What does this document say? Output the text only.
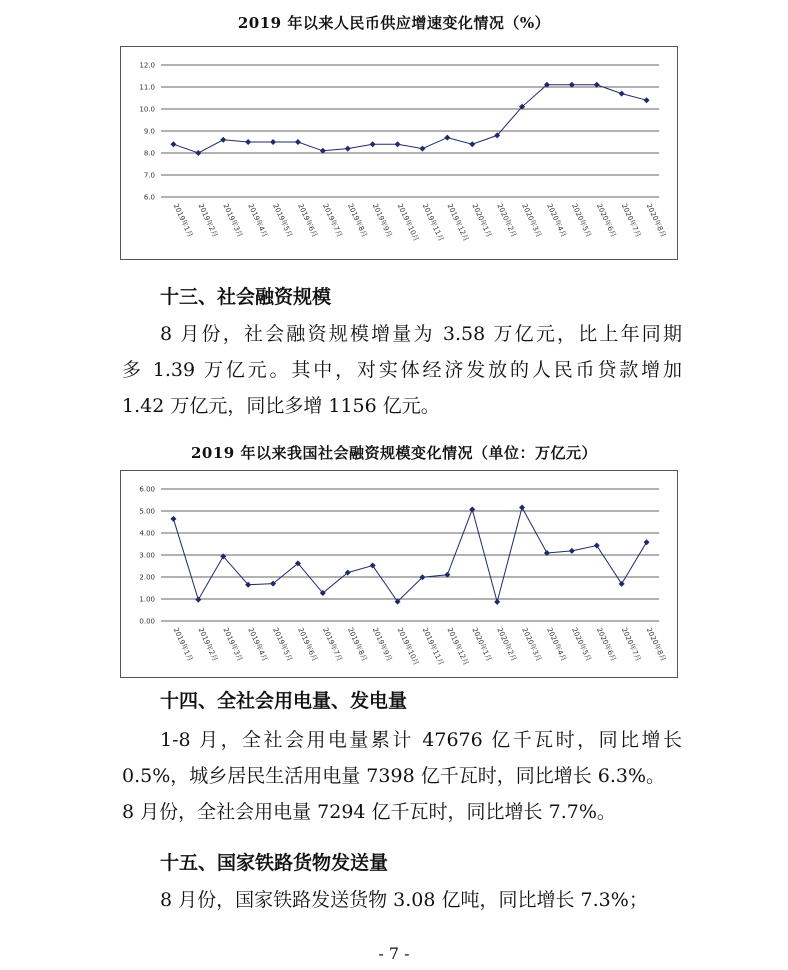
2019 年以来人民币供应增速变化情况（%）
6.0
7.0
8.0
9.0
10.0
11.0
12.0
2019年1月 2019年2月 2019年3月 2019年4月 2019年5月 2019年6月 2019年7月 2019年8月 2019年9月 2019年10月 2019年11月 2019年12月 2020年1月 2020年2月 2020年3月 2020年4月 2020年5月 2020年6月 2020年7月 2020年8月
十三、社会融资规模
8 月份，社会融资规模增量为 3.58 万亿元，比上年同期
多 1.39 万亿元。其中，对实体经济发放的人民币贷款增加
1.42 万亿元，同比多增 1156 亿元。
2019 年以来我国社会融资规模变化情况（单位：万亿元）
0.00
1.00
2.00
3.00
4.00
5.00
6.00
2019年1月 2019年2月 2019年3月 2019年4月 2019年5月 2019年6月 2019年7月 2019年8月 2019年9月 2019年10月 2019年11月 2019年12月 2020年1月 2020年2月 2020年3月 2020年4月 2020年5月 2020年6月 2020年7月 2020年8月
十四、全社会用电量、发电量
1-8 月，全社会用电量累计 47676 亿千瓦时，同比增长
0.5%，城乡居民生活用电量 7398 亿千瓦时，同比增长 6.3%。
8 月份，全社会用电量 7294 亿千瓦时，同比增长 7.7%。
十五、国家铁路货物发送量
8 月份，国家铁路发送货物 3.08 亿吨，同比增长 7.3%；
- 7 -
